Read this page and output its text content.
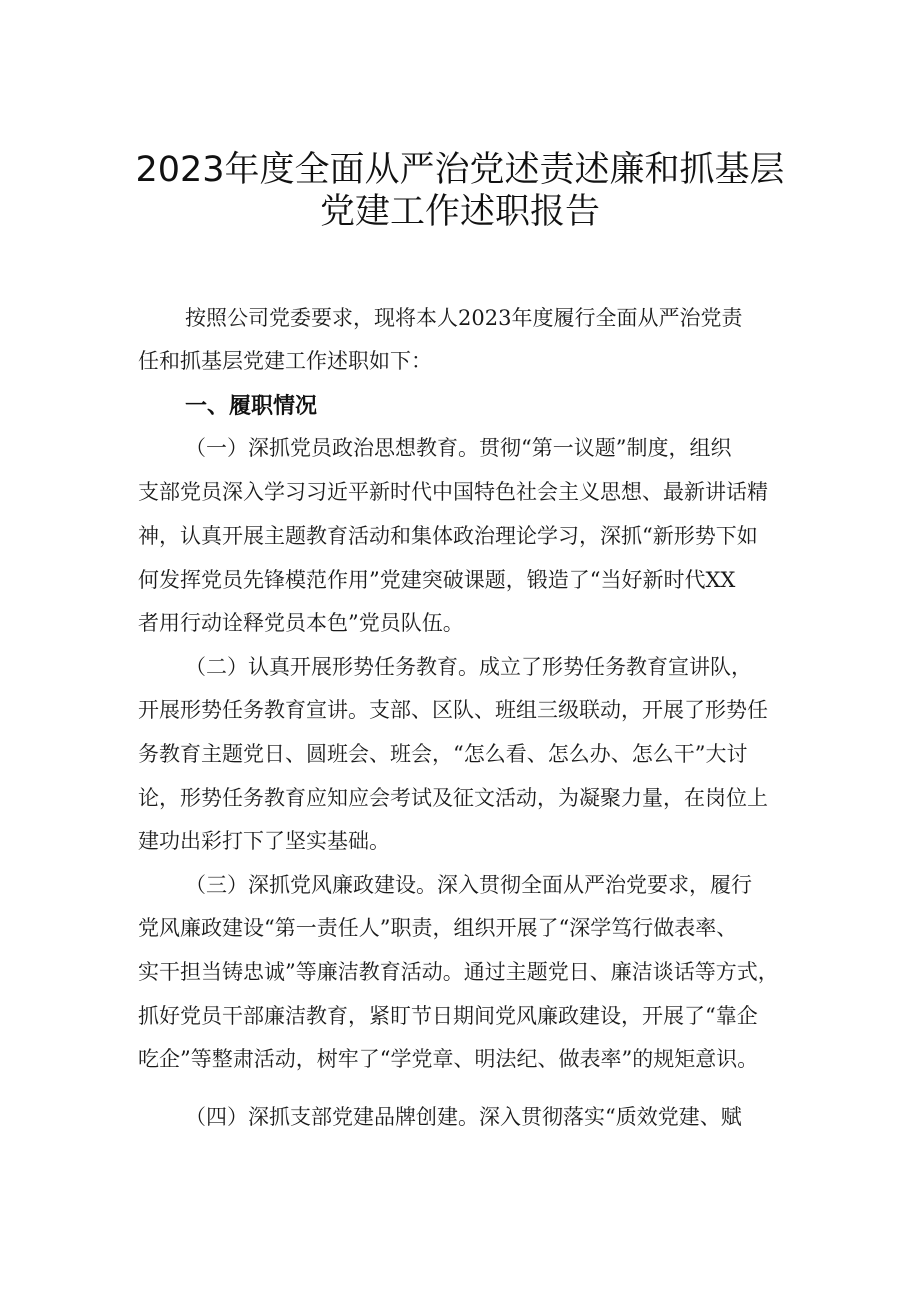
2023年度全面从严治党述责述廉和抓基层
党建工作述职报告
按照公司党委要求，现将本人2023年度履行全面从严治党责
任和抓基层党建工作述职如下：
一、履职情况
（一）深抓党员政治思想教育。贯彻“第一议题”制度，组织
支部党员深入学习习近平新时代中国特色社会主义思想、最新讲话精
神，认真开展主题教育活动和集体政治理论学习，深抓“新形势下如
何发挥党员先锋模范作用”党建突破课题，锻造了“当好新时代XX
者用行动诠释党员本色”党员队伍。
（二）认真开展形势任务教育。成立了形势任务教育宣讲队，
开展形势任务教育宣讲。支部、区队、班组三级联动，开展了形势任
务教育主题党日、圆班会、班会，“怎么看、怎么办、怎么干”大讨
论，形势任务教育应知应会考试及征文活动，为凝聚力量，在岗位上
建功出彩打下了坚实基础。
（三）深抓党风廉政建设。深入贯彻全面从严治党要求，履行
党风廉政建设“第一责任人”职责，组织开展了“深学笃行做表率、
实干担当铸忠诚”等廉洁教育活动。通过主题党日、廉洁谈话等方式，
抓好党员干部廉洁教育，紧盯节日期间党风廉政建设，开展了“靠企
吃企”等整肃活动，树牢了“学党章、明法纪、做表率”的规矩意识。
（四）深抓支部党建品牌创建。深入贯彻落实“质效党建、赋
